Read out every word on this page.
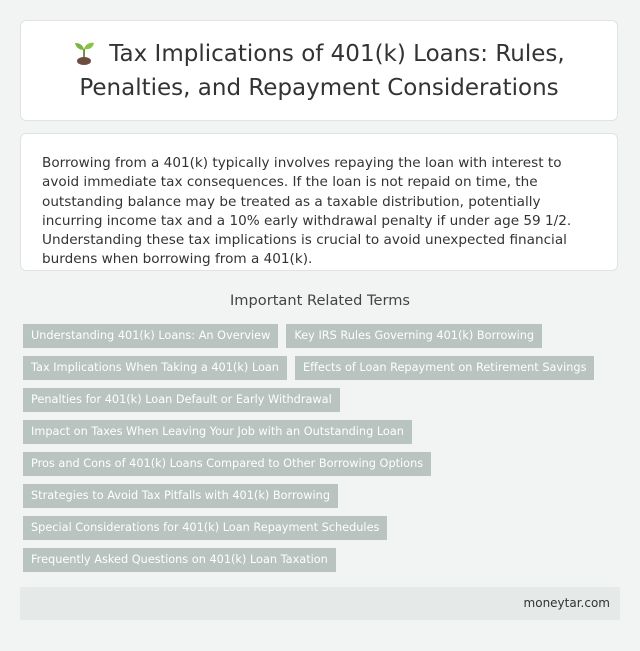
Tax Implications of 401(k) Loans: Rules, Penalties, and Repayment Considerations

Borrowing from a 401(k) typically involves repaying the loan with interest to avoid immediate tax consequences. If the loan is not repaid on time, the outstanding balance may be treated as a taxable distribution, potentially incurring income tax and a 10% early withdrawal penalty if under age 59 1/2. Understanding these tax implications is crucial to avoid unexpected financial burdens when borrowing from a 401(k).

Important Related Terms
Understanding 401(k) Loans: An Overview	Key IRS Rules Governing 401(k) Borrowing
Tax Implications When Taking a 401(k) Loan	Effects of Loan Repayment on Retirement Savings
Penalties for 401(k) Loan Default or Early Withdrawal
Impact on Taxes When Leaving Your Job with an Outstanding Loan
Pros and Cons of 401(k) Loans Compared to Other Borrowing Options
Strategies to Avoid Tax Pitfalls with 401(k) Borrowing
Special Considerations for 401(k) Loan Repayment Schedules
Frequently Asked Questions on 401(k) Loan Taxation
moneytar.com
